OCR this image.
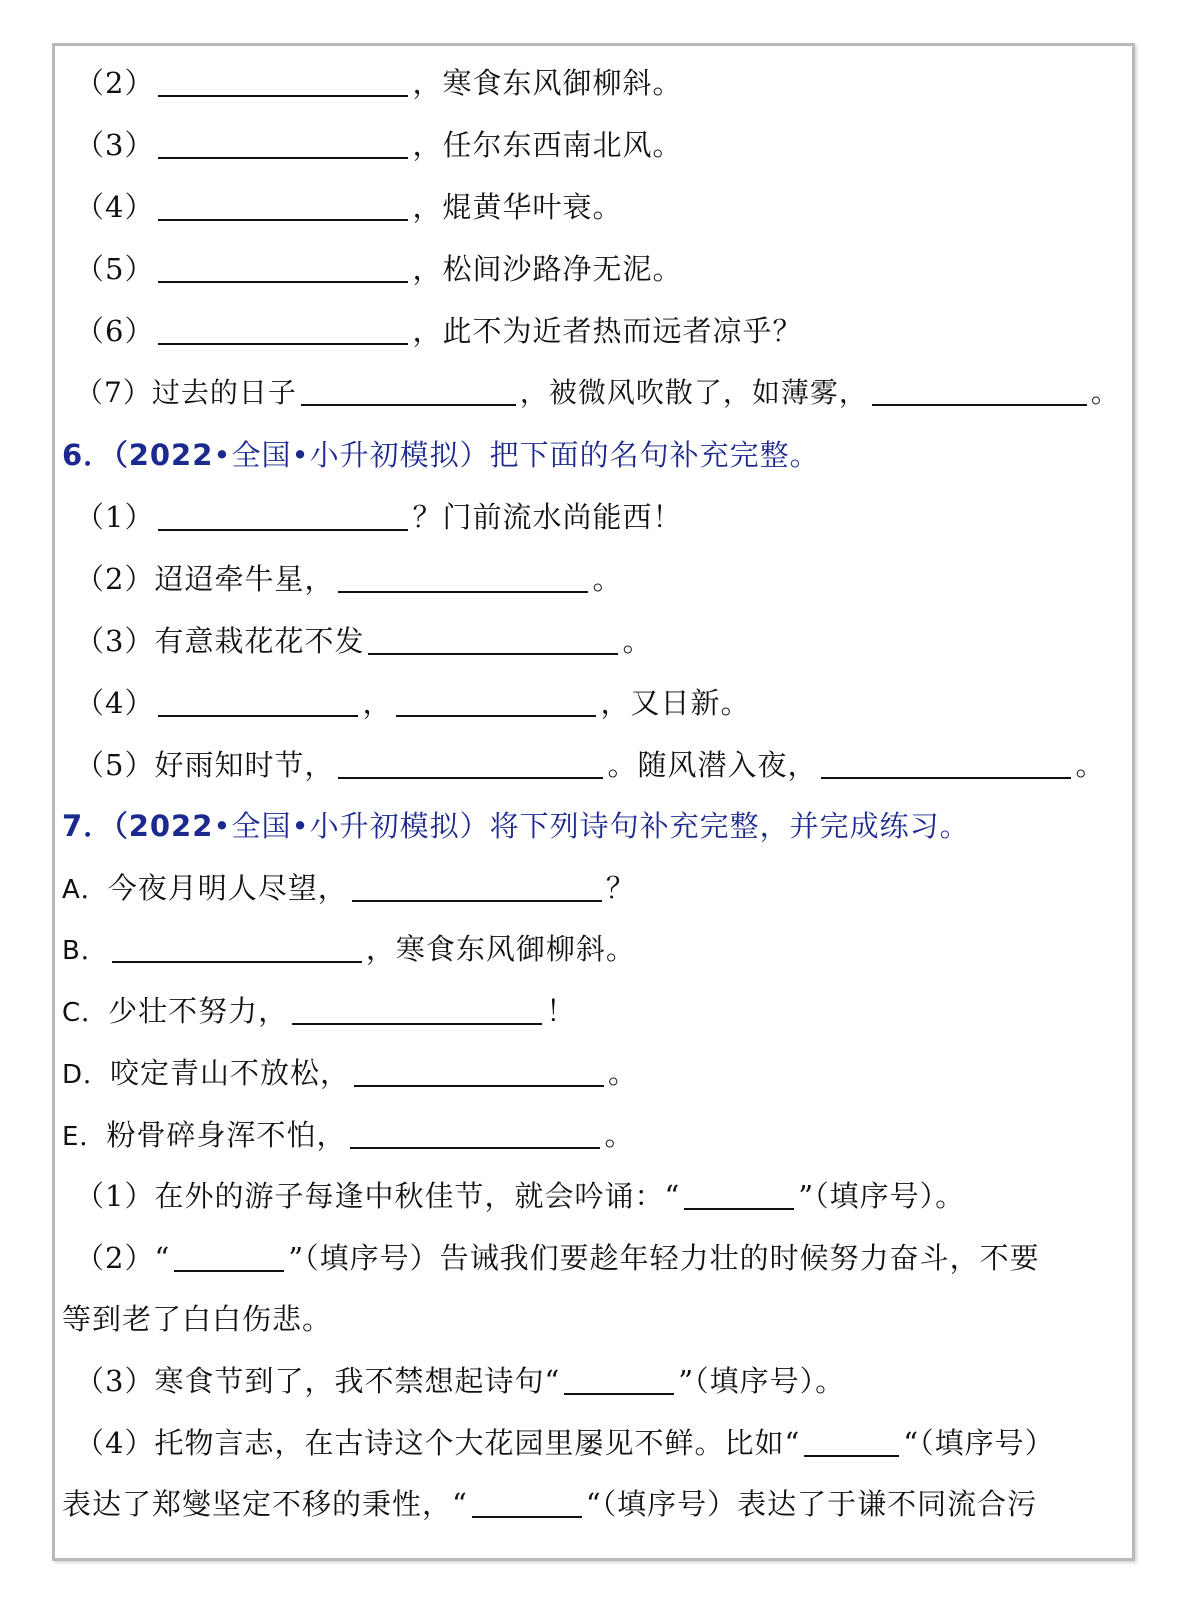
（2）	，寒食东风御柳斜。
（3）	，任尔东西南北风。
（4）	，焜黄华叶衰。
（5）	，松间沙路净无泥。
（6）	，此不为近者热而远者凉乎？
（7）过去的日子	，被微风吹散了，如薄雾，	。
6．（2022•全国•小升初模拟）把下面的名句补充完整。
（1）	？门前流水尚能西！
（2）迢迢牵牛星，	。
（3）有意栽花花不发	。
（4）	，	，又日新。
（5）好雨知时节，	。随风潜入夜，	。
7．（2022•全国•小升初模拟）将下列诗句补充完整，并完成练习。
A．今夜月明人尽望，	？
B．	，寒食东风御柳斜。
C．少壮不努力，	！
D．咬定青山不放松，	。
E．粉骨碎身浑不怕，	。
（1）在外的游子每逢中秋佳节，就会吟诵：“	”（填序号）。
（2）“	”（填序号）告诫我们要趁年轻力壮的时候努力奋斗，不要
等到老了白白伤悲。
（3）寒食节到了，我不禁想起诗句“	”（填序号）。
（4）托物言志，在古诗这个大花园里屡见不鲜。比如“	“（填序号）
表达了郑燮坚定不移的秉性，“	“（填序号）表达了于谦不同流合污
